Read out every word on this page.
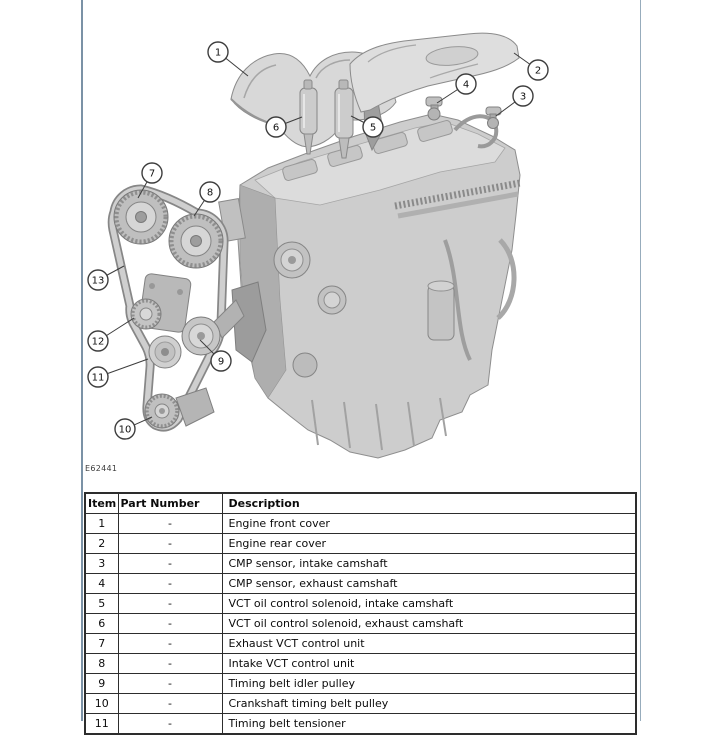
1
2
3
4
5
6
7
8
9
10
11
12
13
E62441
Item	Part Number	Description
1	-	Engine front cover
2	-	Engine rear cover
3	-	CMP sensor, intake camshaft
4	-	CMP sensor, exhaust camshaft
5	-	VCT oil control solenoid, intake camshaft
6	-	VCT oil control solenoid, exhaust camshaft
7	-	Exhaust VCT control unit
8	-	Intake VCT control unit
9	-	Timing belt idler pulley
10	-	Crankshaft timing belt pulley
11	-	Timing belt tensioner
